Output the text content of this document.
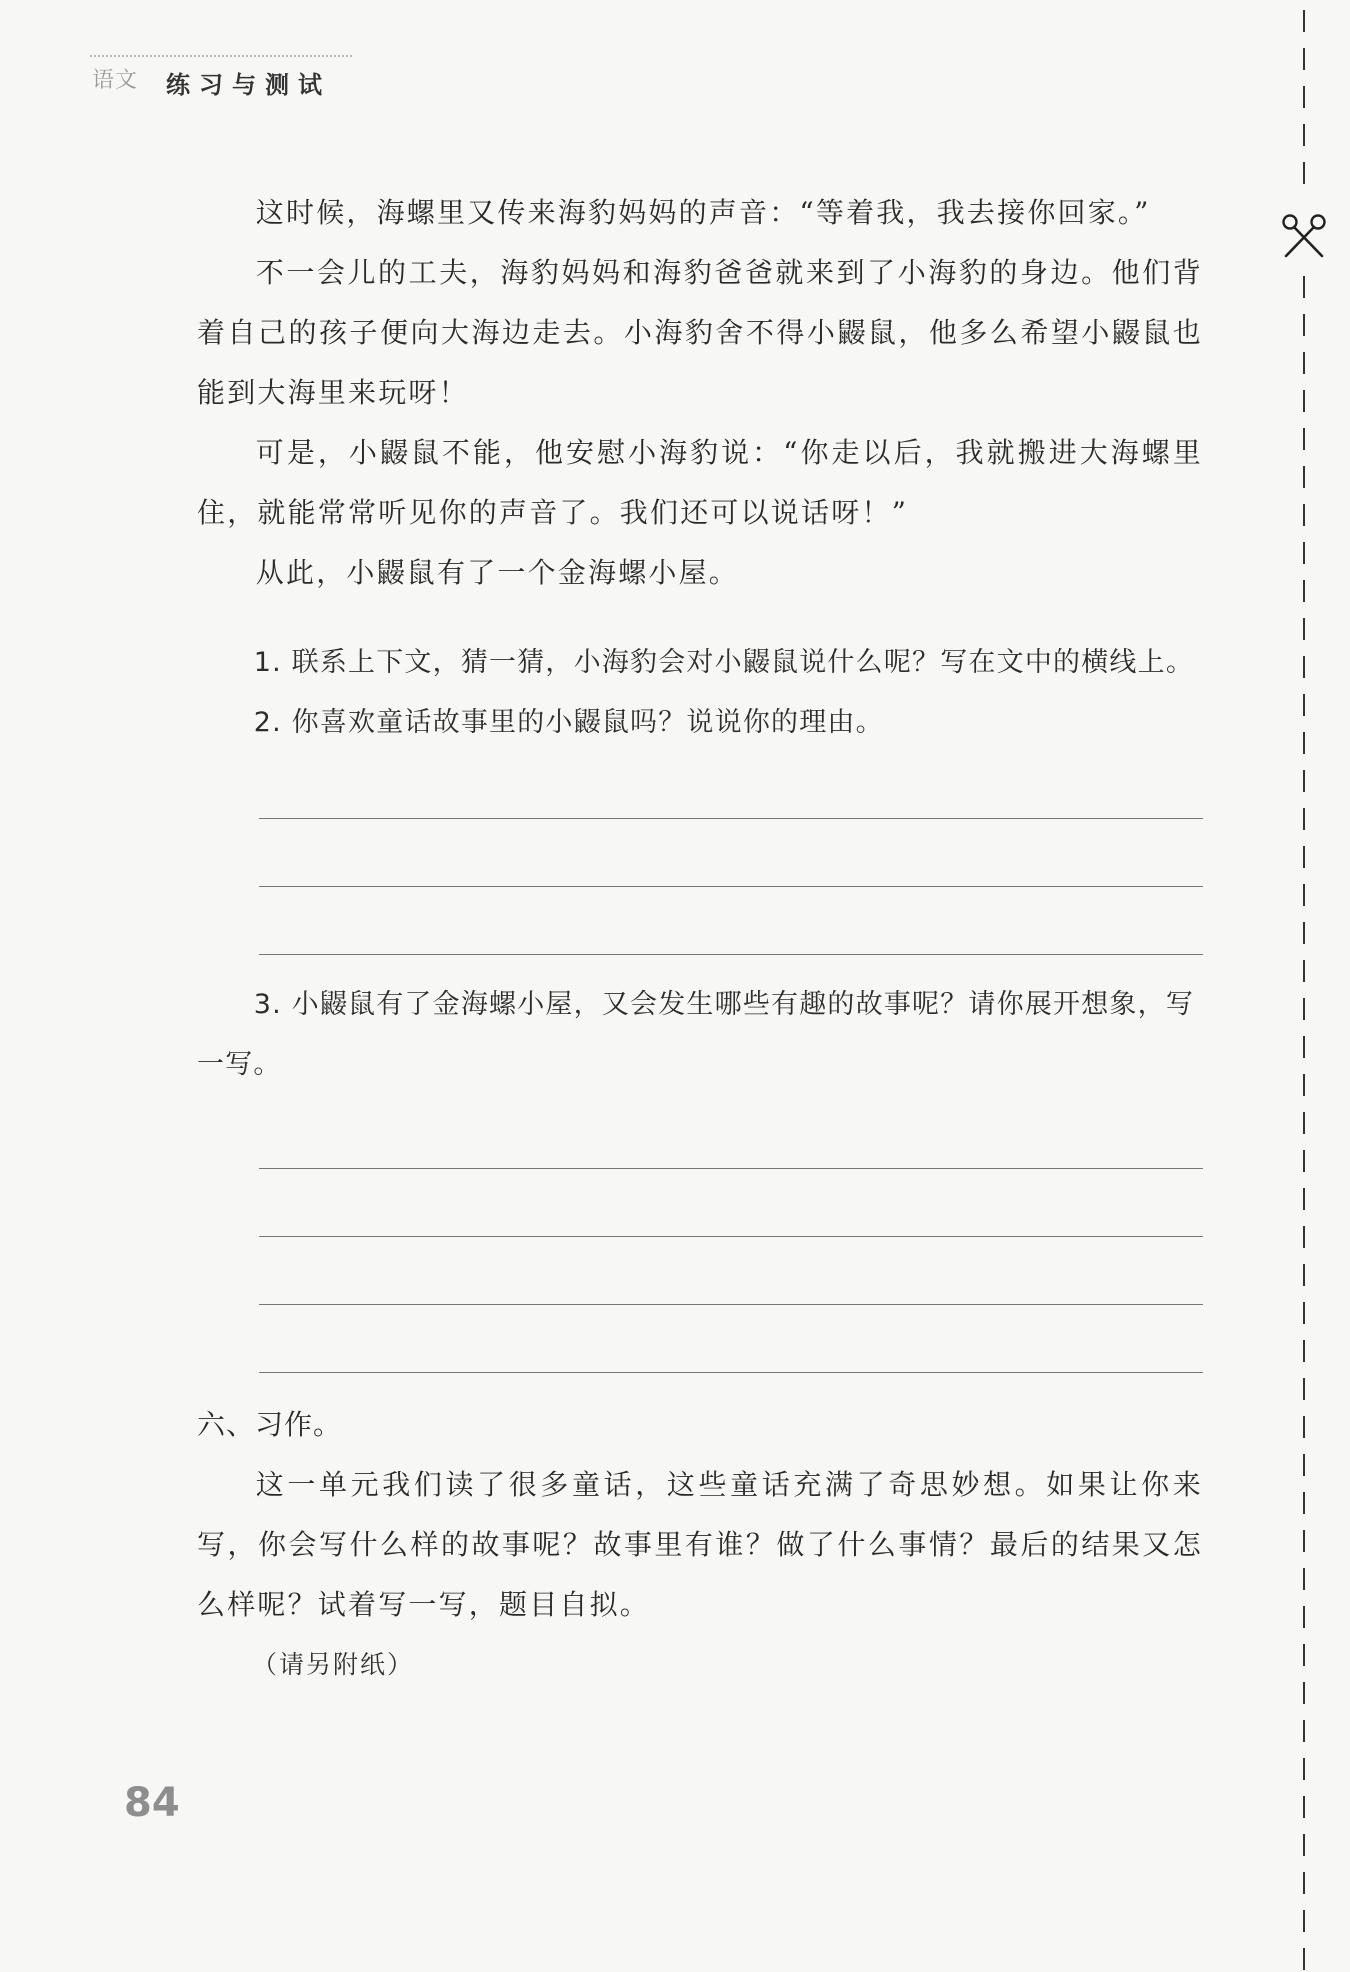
语文 练习与测试

这时候，海螺里又传来海豹妈妈的声音：“等着我，我去接你回家。”

不一会儿的工夫，海豹妈妈和海豹爸爸就来到了小海豹的身边。他们背着自己的孩子便向大海边走去。小海豹舍不得小鼹鼠，他多么希望小鼹鼠也能到大海里来玩呀！

可是，小鼹鼠不能，他安慰小海豹说：“你走以后，我就搬进大海螺里住，就能常常听见你的声音了。我们还可以说话呀！”

从此，小鼹鼠有了一个金海螺小屋。

1. 联系上下文，猜一猜，小海豹会对小鼹鼠说什么呢？写在文中的横线上。

2. 你喜欢童话故事里的小鼹鼠吗？说说你的理由。

3. 小鼹鼠有了金海螺小屋，又会发生哪些有趣的故事呢？请你展开想象，写一写。

六、习作。

这一单元我们读了很多童话，这些童话充满了奇思妙想。如果让你来写，你会写什么样的故事呢？故事里有谁？做了什么事情？最后的结果又怎么样呢？试着写一写，题目自拟。

（请另附纸）

84
